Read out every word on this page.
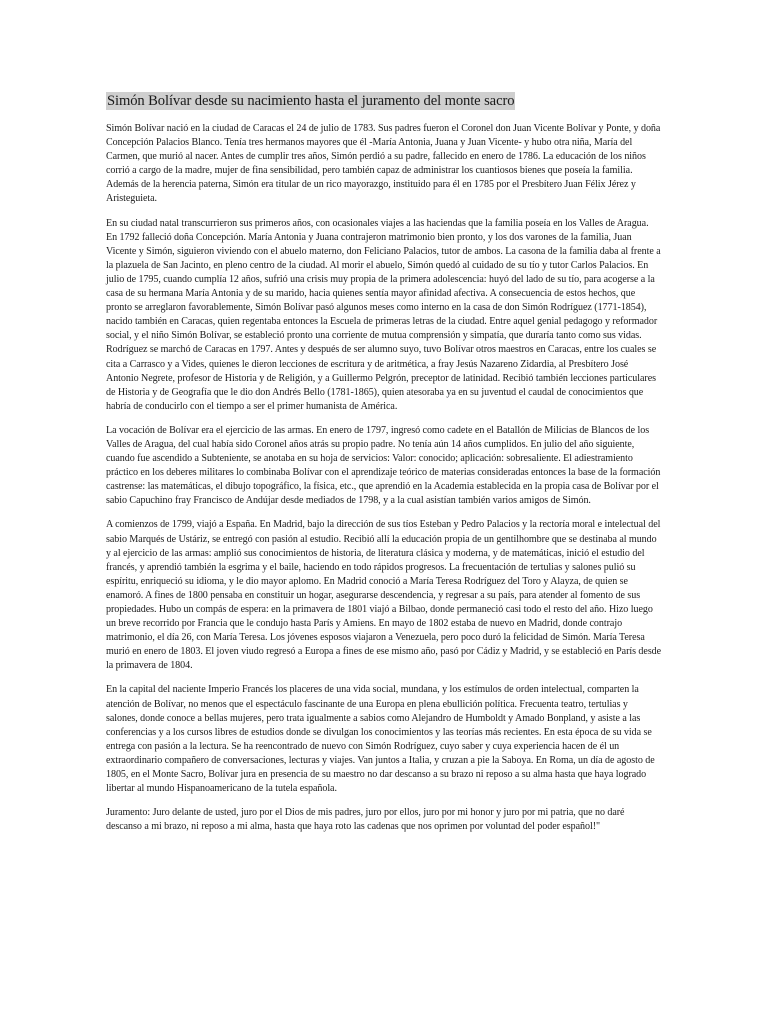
Simón Bolívar desde su nacimiento hasta el juramento del monte sacro

Simón Bolívar nació en la ciudad de Caracas el 24 de julio de 1783. Sus padres fueron el Coronel don Juan Vicente Bolívar y Ponte, y doña Concepción Palacios Blanco. Tenía tres hermanos mayores que él -María Antonia, Juana y Juan Vicente- y hubo otra niña, María del Carmen, que murió al nacer. Antes de cumplir tres años, Simón perdió a su padre, fallecido en enero de 1786. La educación de los niños corrió a cargo de la madre, mujer de fina sensibilidad, pero también capaz de administrar los cuantiosos bienes que poseía la familia. Además de la herencia paterna, Simón era titular de un rico mayorazgo, instituido para él en 1785 por el Presbítero Juan Félix Jérez y Aristeguieta.

En su ciudad natal transcurrieron sus primeros años, con ocasionales viajes a las haciendas que la familia poseía en los Valles de Aragua. En 1792 falleció doña Concepción. María Antonia y Juana contrajeron matrimonio bien pronto, y los dos varones de la familia, Juan Vicente y Simón, siguieron viviendo con el abuelo materno, don Feliciano Palacios, tutor de ambos. La casona de la familia daba al frente a la plazuela de San Jacinto, en pleno centro de la ciudad. Al morir el abuelo, Simón quedó al cuidado de su tío y tutor Carlos Palacios. En julio de 1795, cuando cumplía 12 años, sufrió una crisis muy propia de la primera adolescencia: huyó del lado de su tío, para acogerse a la casa de su hermana María Antonia y de su marido, hacia quienes sentía mayor afinidad afectiva. A consecuencia de estos hechos, que pronto se arreglaron favorablemente, Simón Bolívar pasó algunos meses como interno en la casa de don Simón Rodríguez (1771-1854), nacido también en Caracas, quien regentaba entonces la Escuela de primeras letras de la ciudad. Entre aquel genial pedagogo y reformador social, y el niño Simón Bolívar, se estableció pronto una corriente de mutua comprensión y simpatía, que duraría tanto como sus vidas. Rodríguez se marchó de Caracas en 1797. Antes y después de ser alumno suyo, tuvo Bolívar otros maestros en Caracas, entre los cuales se cita a Carrasco y a Vides, quienes le dieron lecciones de escritura y de aritmética, a fray Jesús Nazareno Zidardia, al Presbítero José Antonio Negrete, profesor de Historia y de Religión, y a Guillermo Pelgrón, preceptor de latinidad. Recibió también lecciones particulares de Historia y de Geografía que le dio don Andrés Bello (1781-1865), quien atesoraba ya en su juventud el caudal de conocimientos que habría de conducirlo con el tiempo a ser el primer humanista de América.

La vocación de Bolívar era el ejercicio de las armas. En enero de 1797, ingresó como cadete en el Batallón de Milicias de Blancos de los Valles de Aragua, del cual había sido Coronel años atrás su propio padre. No tenía aún 14 años cumplidos. En julio del año siguiente, cuando fue ascendido a Subteniente, se anotaba en su hoja de servicios: Valor: conocido; aplicación: sobresaliente. El adiestramiento práctico en los deberes militares lo combinaba Bolívar con el aprendizaje teórico de materias consideradas entonces la base de la formación castrense: las matemáticas, el dibujo topográfico, la física, etc., que aprendió en la Academia establecida en la propia casa de Bolívar por el sabio Capuchino fray Francisco de Andújar desde mediados de 1798, y a la cual asistían también varios amigos de Simón.

A comienzos de 1799, viajó a España. En Madrid, bajo la dirección de sus tíos Esteban y Pedro Palacios y la rectoría moral e intelectual del sabio Marqués de Ustáriz, se entregó con pasión al estudio. Recibió allí la educación propia de un gentilhombre que se destinaba al mundo y al ejercicio de las armas: amplió sus conocimientos de historia, de literatura clásica y moderna, y de matemáticas, inició el estudio del francés, y aprendió también la esgrima y el baile, haciendo en todo rápidos progresos. La frecuentación de tertulias y salones pulió su espíritu, enriqueció su idioma, y le dio mayor aplomo. En Madrid conoció a María Teresa Rodríguez del Toro y Alayza, de quien se enamoró. A fines de 1800 pensaba en constituir un hogar, asegurarse descendencia, y regresar a su país, para atender al fomento de sus propiedades. Hubo un compás de espera: en la primavera de 1801 viajó a Bilbao, donde permaneció casi todo el resto del año. Hizo luego un breve recorrido por Francia que le condujo hasta París y Amiens. En mayo de 1802 estaba de nuevo en Madrid, donde contrajo matrimonio, el día 26, con María Teresa. Los jóvenes esposos viajaron a Venezuela, pero poco duró la felicidad de Simón. María Teresa murió en enero de 1803. El joven viudo regresó a Europa a fines de ese mismo año, pasó por Cádiz y Madrid, y se estableció en París desde la primavera de 1804.

En la capital del naciente Imperio Francés los placeres de una vida social, mundana, y los estímulos de orden intelectual, comparten la atención de Bolívar, no menos que el espectáculo fascinante de una Europa en plena ebullición política. Frecuenta teatro, tertulias y salones, donde conoce a bellas mujeres, pero trata igualmente a sabios como Alejandro de Humboldt y Amado Bonpland, y asiste a las conferencias y a los cursos libres de estudios donde se divulgan los conocimientos y las teorías más recientes. En esta época de su vida se entrega con pasión a la lectura. Se ha reencontrado de nuevo con Simón Rodríguez, cuyo saber y cuya experiencia hacen de él un extraordinario compañero de conversaciones, lecturas y viajes. Van juntos a Italia, y cruzan a pie la Saboya. En Roma, un día de agosto de 1805, en el Monte Sacro, Bolívar jura en presencia de su maestro no dar descanso a su brazo ni reposo a su alma hasta que haya logrado libertar al mundo Hispanoamericano de la tutela española.

Juramento: Juro delante de usted, juro por el Dios de mis padres, juro por ellos, juro por mi honor y juro por mi patria, que no daré descanso a mi brazo, ni reposo a mi alma, hasta que haya roto las cadenas que nos oprimen por voluntad del poder español!"
